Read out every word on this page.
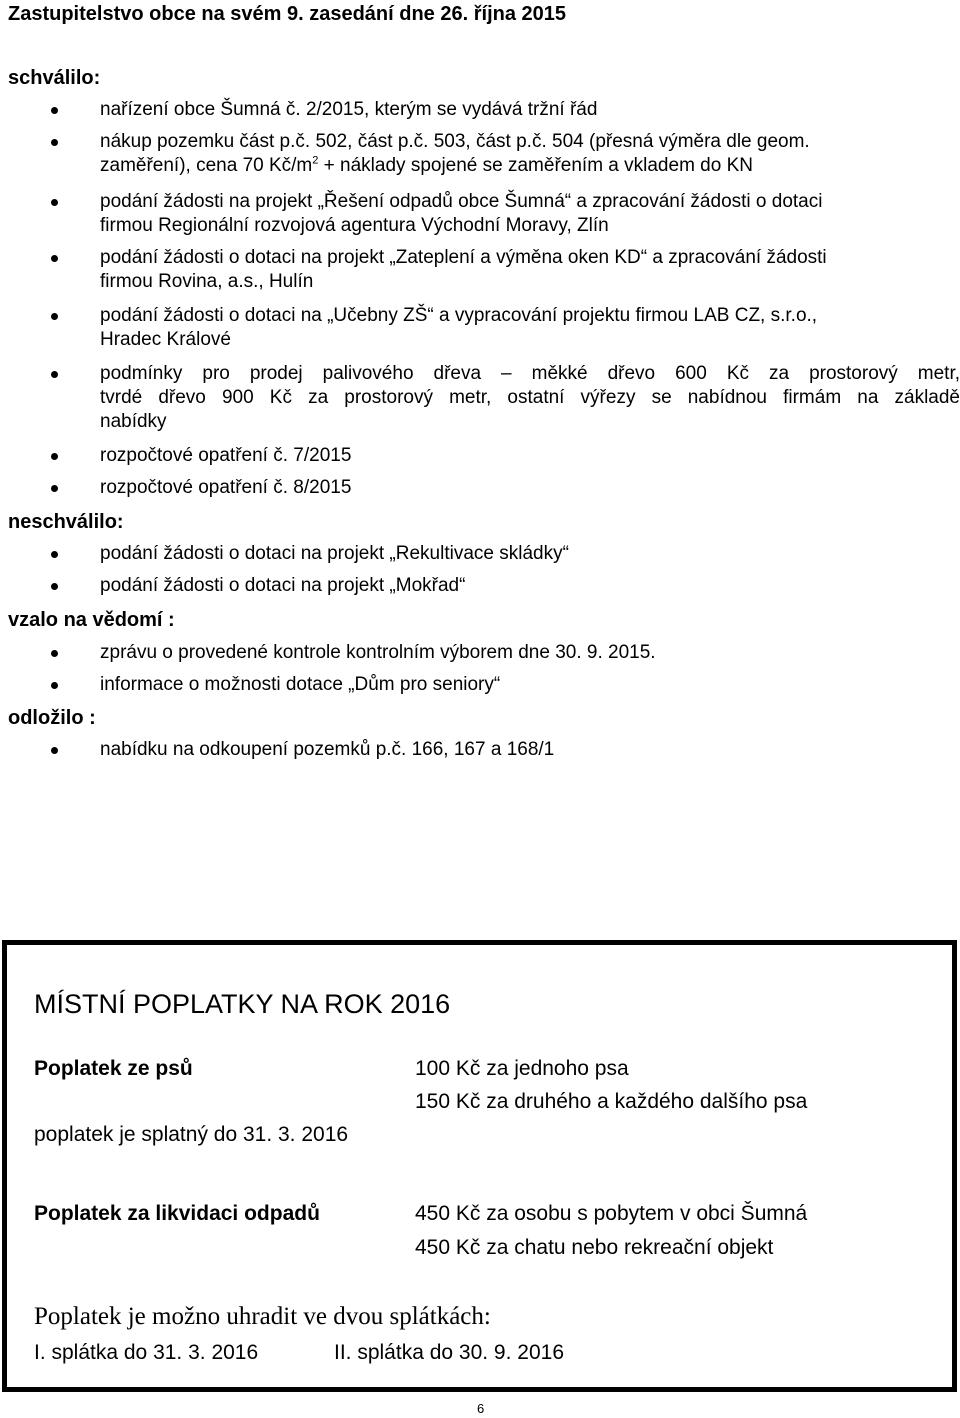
Zastupitelstvo obce na svém 9. zasedání dne 26. října 2015
schválilo:
nařízení obce Šumná č. 2/2015, kterým se vydává tržní řád
nákup pozemku část p.č. 502, část p.č. 503, část p.č. 504 (přesná výměra dle geom.
zaměření), cena 70 $Kč/m^2$ + náklady spojené se zaměřením a vkladem do KN
podání žádosti na projekt „Řešení odpadů obce Šumná“ a zpracování žádosti o dotaci
firmou Regionální rozvojová agentura Východní Moravy, Zlín
podání žádosti o dotaci na projekt „Zateplení a výměna oken KD“ a zpracování žádosti
firmou Rovina, a.s., Hulín
podání žádosti o dotaci na „Učebny ZŠ“ a vypracování projektu firmou LAB CZ, s.r.o.,
Hradec Králové
podmínky pro prodej palivového dřeva – měkké dřevo 600 Kč za prostorový metr,
tvrdé dřevo 900 Kč za prostorový metr, ostatní výřezy se nabídnou firmám na základě
nabídky
rozpočtové opatření č. 7/2015
rozpočtové opatření č. 8/2015
neschválilo:
podání žádosti o dotaci na projekt „Rekultivace skládky“
podání žádosti o dotaci na projekt „Mokřad“
vzalo na vědomí :
zprávu o provedené kontrole kontrolním výborem dne 30. 9. 2015.
informace o možnosti dotace „Dům pro seniory“
odložilo :
nabídku na odkoupení pozemků p.č. 166, 167 a 168/1
MÍSTNÍ POPLATKY NA ROK 2016
Poplatek ze psů	100 Kč za jednoho psa
150 Kč za druhého a každého dalšího psa
poplatek je splatný do 31. 3. 2016
Poplatek za likvidaci odpadů	450 Kč za osobu s pobytem v obci Šumná
450 Kč za chatu nebo rekreační objekt
Poplatek je možno uhradit ve dvou splátkách:
I. splátka do 31. 3. 2016	II. splátka do 30. 9. 2016
6
